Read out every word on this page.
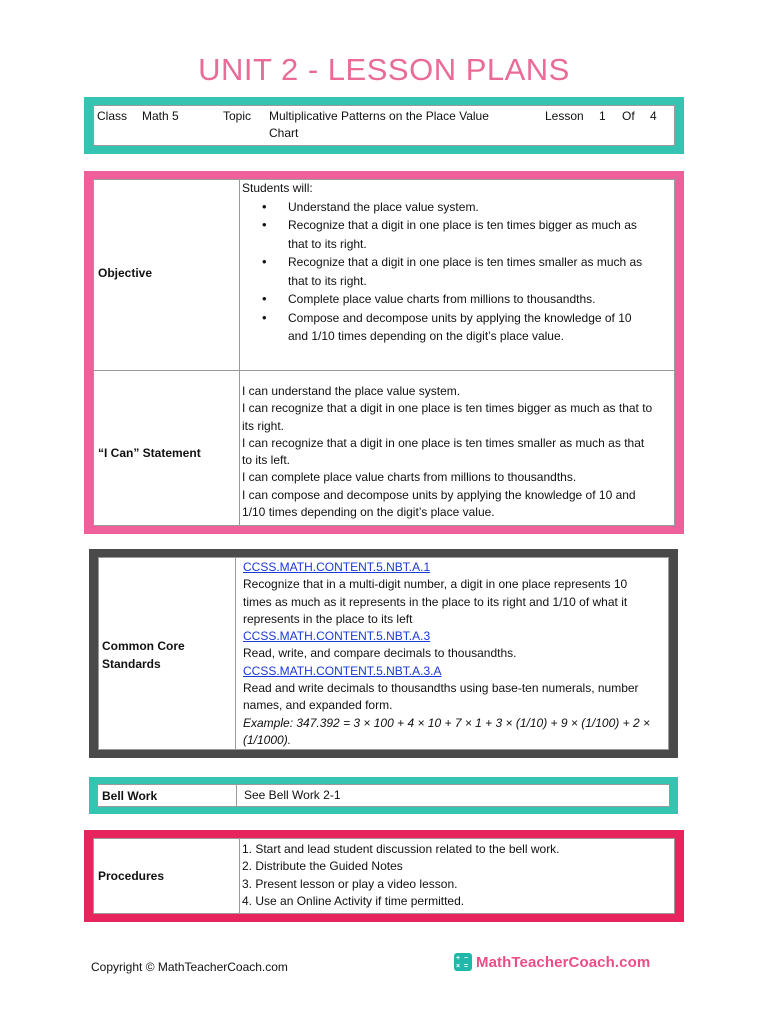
UNIT 2 - LESSON PLANS
Class Math 5	Topic Multiplicative Patterns on the Place Value
Chart
Lesson 1 Of 4
Objective

Students will:

• Understand the place value system.
• Recognize that a digit in one place is ten times bigger as much as
that to its right.
• Recognize that a digit in one place is ten times smaller as much as
that to its right.
• Complete place value charts from millions to thousandths.
• Compose and decompose units by applying the knowledge of 10
and 1/10 times depending on the digit’s place value.
“I Can” Statement

I can understand the place value system.

I can recognize that a digit in one place is ten times bigger as much as that to

its right.

I can recognize that a digit in one place is ten times smaller as much as that

to its left.

I can complete place value charts from millions to thousandths.

I can compose and decompose units by applying the knowledge of 10 and

1/10 times depending on the digit’s place value.

Common Core
Standards

CCSS.MATH.CONTENT.5.NBT.A.1

Recognize that in a multi-digit number, a digit in one place represents 10

times as much as it represents in the place to its right and 1/10 of what it

represents in the place to its left

CCSS.MATH.CONTENT.5.NBT.A.3

Read, write, and compare decimals to thousandths.

CCSS.MATH.CONTENT.5.NBT.A.3.A

Read and write decimals to thousandths using base-ten numerals, number

names, and expanded form.

Example: 347.392 = 3 × 100 + 4 × 10 + 7 × 1 + 3 × (1/10) + 9 × (1/100) + 2 ×

(1/1000).

Bell Work	See Bell Work 2-1
Procedures

1. Start and lead student discussion related to the bell work.

2. Distribute the Guided Notes

3. Present lesson or play a video lesson.

4. Use an Online Activity if time permitted.

Copyright © MathTeacherCoach.com
+ −
× = MathTeacherCoach.com
